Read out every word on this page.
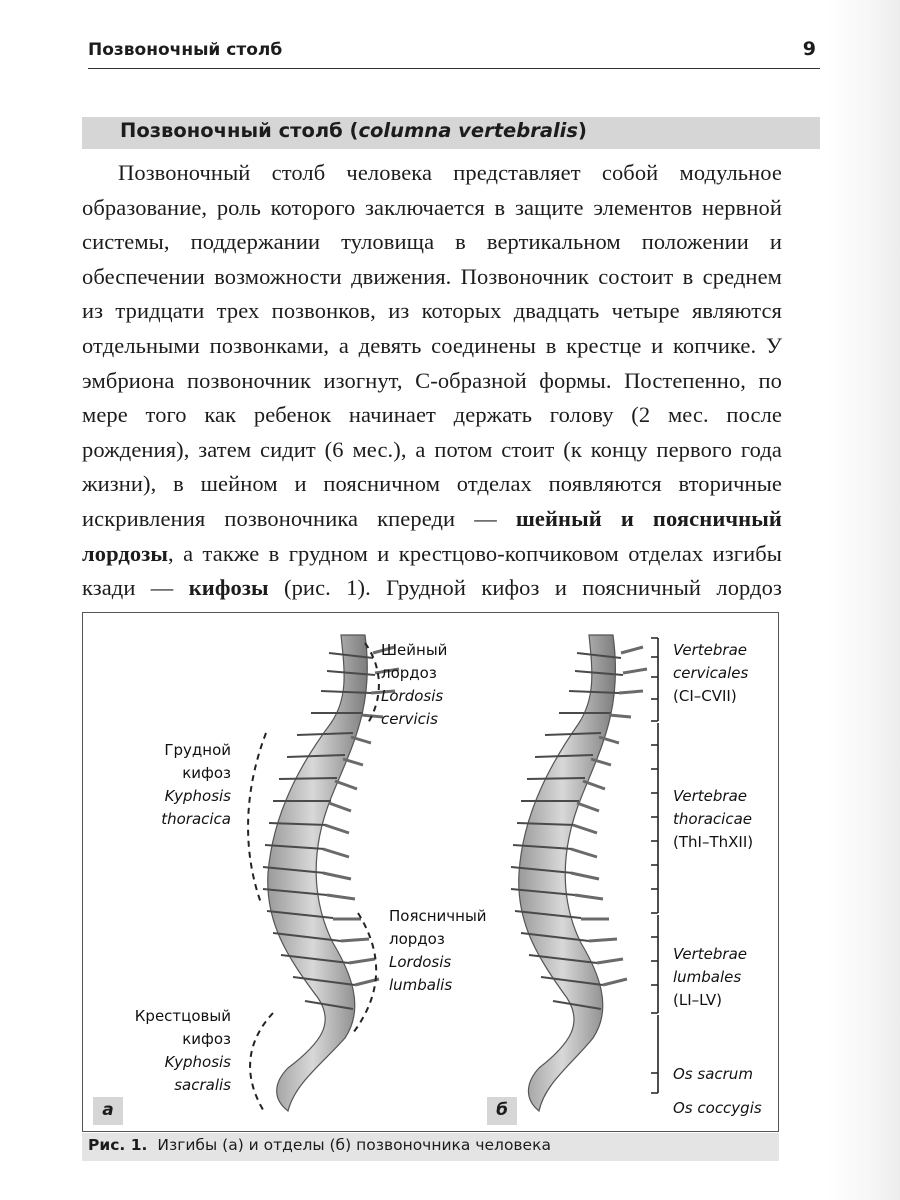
Позвоночный столб	9
Позвоночный столб (columna vertebralis)

Позвоночный столб человека представляет собой модульное образование, роль которого заключается в защите элементов нервной системы, поддержании туловища в вертикальном положении и обеспечении возможности движения. Позвоночник состоит в среднем из тридцати трех позвонков, из которых двадцать четыре являются отдельными позвонками, а девять соединены в крестце и копчике. У эмбриона позвоночник изогнут, С-образной формы. Постепенно, по мере того как ребенок начинает держать голову (2 мес. после рождения), затем сидит (6 мес.), а потом стоит (к концу первого года жизни), в шейном и поясничном отделах появляются вторичные искривления позвоночника кпереди — шейный и поясничный лордозы, а также в грудном и крестцово-копчиковом отделах изгибы кзади — кифозы (рис. 1). Грудной кифоз и поясничный лордоз

Шейный
лордоз
Lordosis
cervicis
Грудной
кифоз
Kyphosis
thoracica
Поясничный
лордоз
Lordosis
lumbalis
Крестцовый
кифоз
Kyphosis
sacralis
а
Vertebrae
cervicales
(CI–CVII)
Vertebrae
thoracicae
(ThI–ThXII)
Vertebrae
lumbales
(LI–LV)
Os sacrum
Os coccygis
б
Рис. 1. Изгибы (а) и отделы (б) позвоночника человека
